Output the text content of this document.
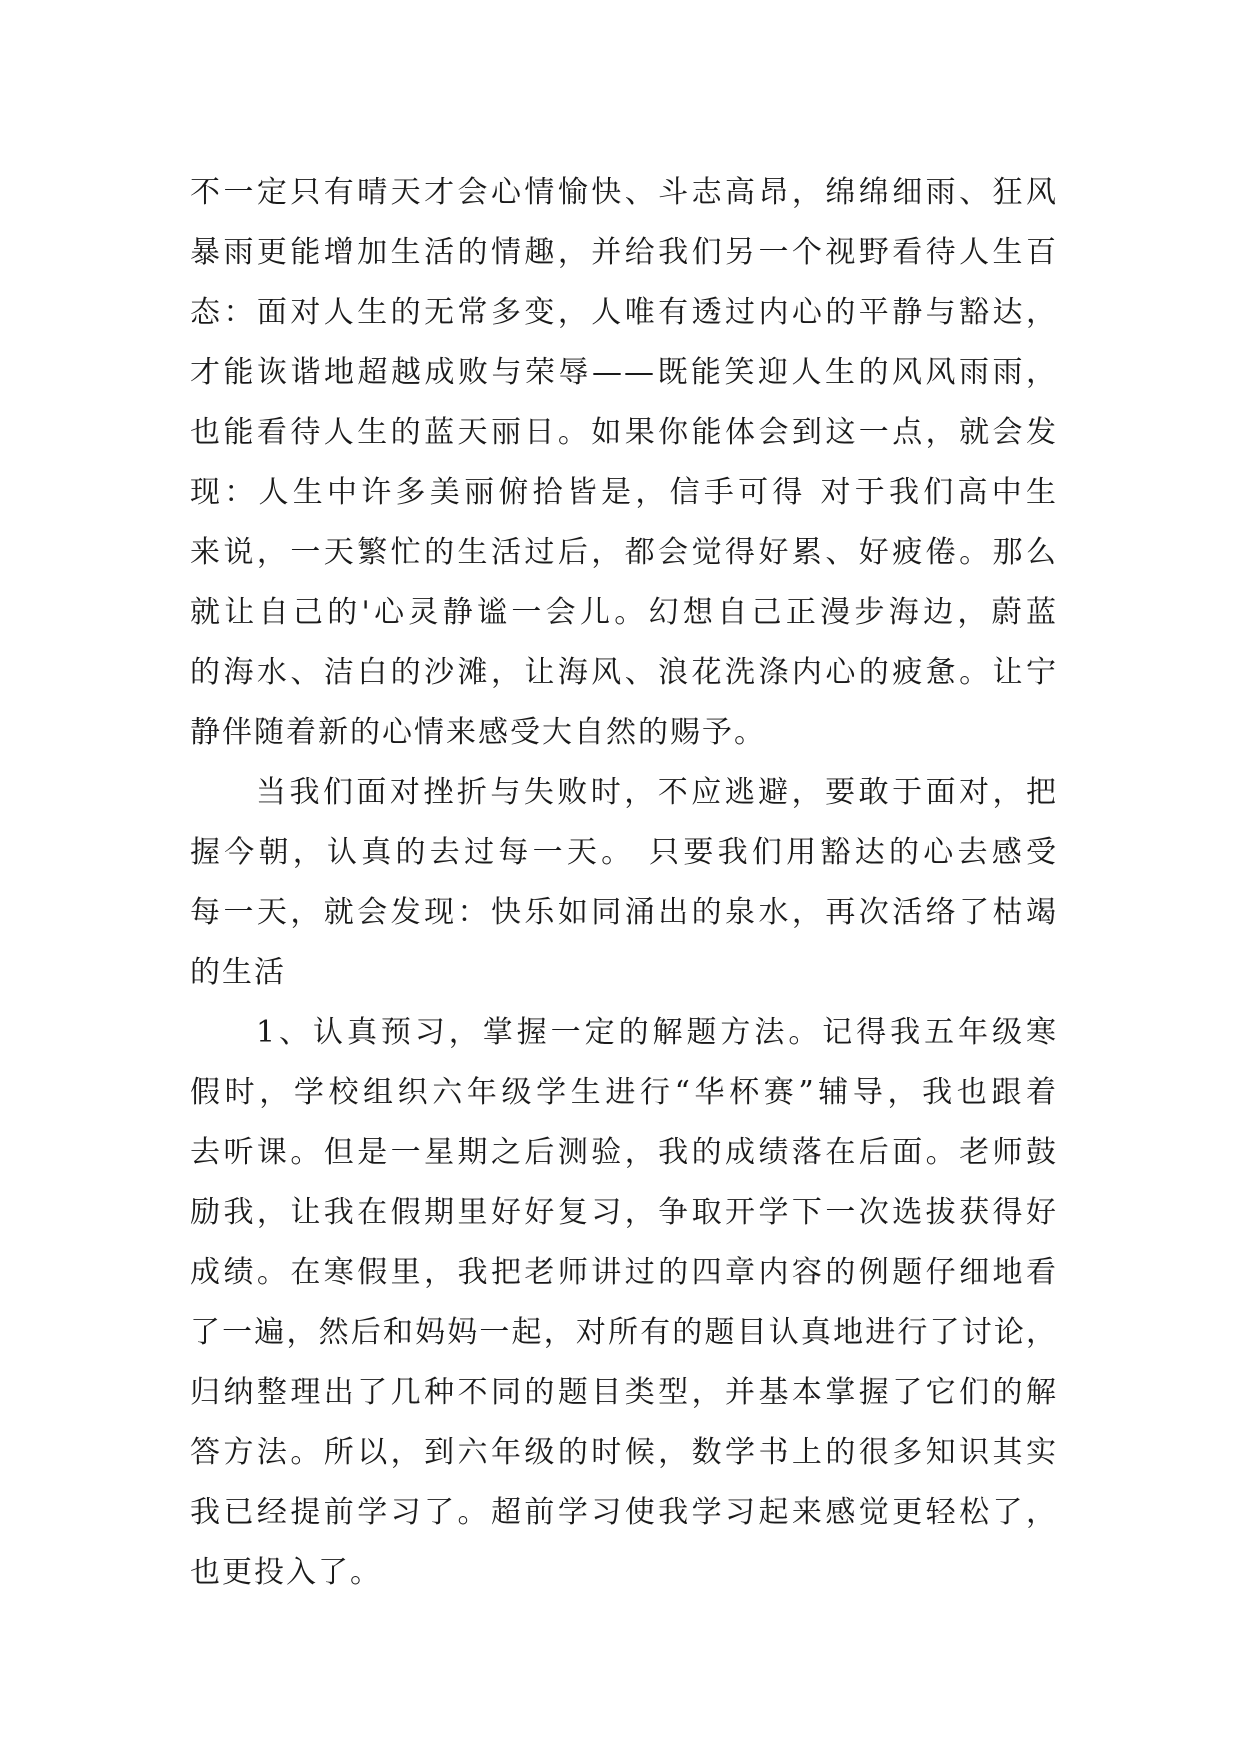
不一定只有晴天才会心情愉快、斗志高昂，绵绵细雨、狂风
暴雨更能增加生活的情趣，并给我们另一个视野看待人生百
态：面对人生的无常多变，人唯有透过内心的平静与豁达，
才能诙谐地超越成败与荣辱——既能笑迎人生的风风雨雨，
也能看待人生的蓝天丽日。如果你能体会到这一点，就会发
现：人生中许多美丽俯拾皆是，信手可得 对于我们高中生
来说，一天繁忙的生活过后，都会觉得好累、好疲倦。那么
就让自己的'心灵静谧一会儿。幻想自己正漫步海边，蔚蓝
的海水、洁白的沙滩，让海风、浪花洗涤内心的疲惫。让宁
静伴随着新的心情来感受大自然的赐予。
当我们面对挫折与失败时，不应逃避，要敢于面对，把
握今朝，认真的去过每一天。 只要我们用豁达的心去感受
每一天，就会发现：快乐如同涌出的泉水，再次活络了枯竭
的生活
1、认真预习，掌握一定的解题方法。记得我五年级寒
假时，学校组织六年级学生进行“华杯赛”辅导，我也跟着
去听课。但是一星期之后测验，我的成绩落在后面。老师鼓
励我，让我在假期里好好复习，争取开学下一次选拔获得好
成绩。在寒假里，我把老师讲过的四章内容的例题仔细地看
了一遍，然后和妈妈一起，对所有的题目认真地进行了讨论，
归纳整理出了几种不同的题目类型，并基本掌握了它们的解
答方法。所以，到六年级的时候，数学书上的很多知识其实
我已经提前学习了。超前学习使我学习起来感觉更轻松了，
也更投入了。
